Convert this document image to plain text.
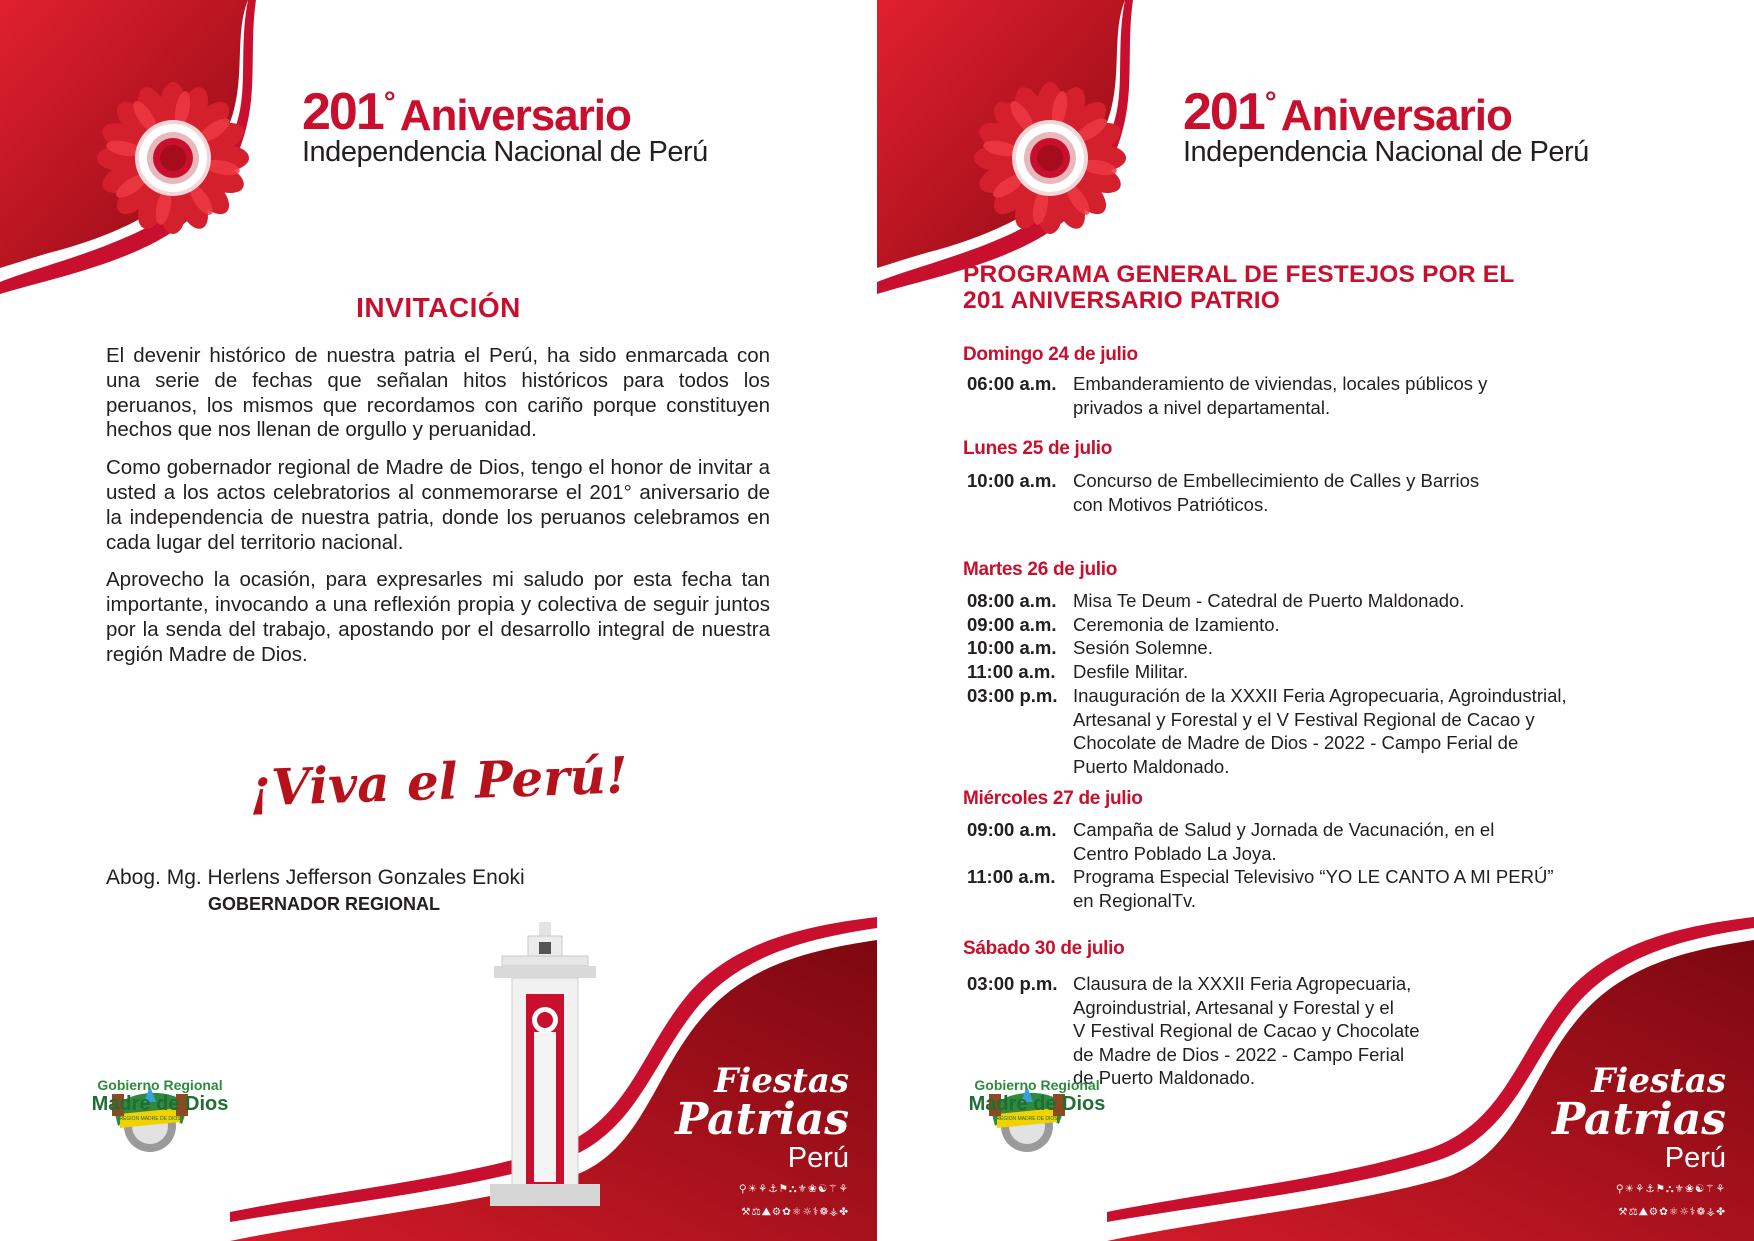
201 ° Aniversario
Independencia Nacional de Perú
INVITACIÓN

El devenir histórico de nuestra patria el Perú, ha sido enmarcada con una serie de fechas que señalan hitos históricos para todos los peruanos, los mismos que recordamos con cariño porque constituyen hechos que nos llenan de orgullo y peruanidad.

Como gobernador regional de Madre de Dios, tengo el honor de invitar a usted a los actos celebratorios al conmemorarse el 201° aniversario de la independencia de nuestra patria, donde los peruanos celebramos en cada lugar del territorio nacional.

Aprovecho la ocasión, para expresarles mi saludo por esta fecha tan importante, invocando a una reflexión propia y colectiva de seguir juntos por la senda del trabajo, apostando por el desarrollo integral de nuestra región Madre de Dios.

¡Viva el Perú!
Abog. Mg. Herlens Jefferson Gonzales Enoki
GOBERNADOR REGIONAL
REGION MADRE DE DIOS
Gobierno Regional
Madre de Dios
Fiestas
Patrias
Perú
⚲☀⚘⚓⚑⛬⚜❀☯⚚⚘
⚒⚖⛰⚙✿⚛☼⚕❁⚶✤
201 ° Aniversario
Independencia Nacional de Perú
PROGRAMA GENERAL DE FESTEJOS POR EL
201 ANIVERSARIO PATRIO
Domingo 24 de julio
06:00 a.m. Embanderamiento de viviendas, locales públicos y
privados a nivel departamental.
Lunes 25 de julio
10:00 a.m. Concurso de Embellecimiento de Calles y Barrios
con Motivos Patrióticos.
Martes 26 de julio
08:00 a.m. Misa Te Deum - Catedral de Puerto Maldonado.
09:00 a.m. Ceremonia de Izamiento.
10:00 a.m. Sesión Solemne.
11:00 a.m. Desfile Militar.
03:00 p.m. Inauguración de la XXXII Feria Agropecuaria, Agroindustrial,
Artesanal y Forestal y el V Festival Regional de Cacao y
Chocolate de Madre de Dios - 2022 - Campo Ferial de
Puerto Maldonado.
Miércoles 27 de julio
09:00 a.m. Campaña de Salud y Jornada de Vacunación, en el
Centro Poblado La Joya.
11:00 a.m. Programa Especial Televisivo “YO LE CANTO A MI PERÚ”
en RegionalTv.
Sábado 30 de julio
03:00 p.m. Clausura de la XXXII Feria Agropecuaria,
Agroindustrial, Artesanal y Forestal y el
V Festival Regional de Cacao y Chocolate
de Madre de Dios - 2022 - Campo Ferial
de Puerto Maldonado.
REGION MADRE DE DIOS
Gobierno Regional
Madre de Dios
Fiestas
Patrias
Perú
⚲☀⚘⚓⚑⛬⚜❀☯⚚⚘
⚒⚖⛰⚙✿⚛☼⚕❁⚶✤
